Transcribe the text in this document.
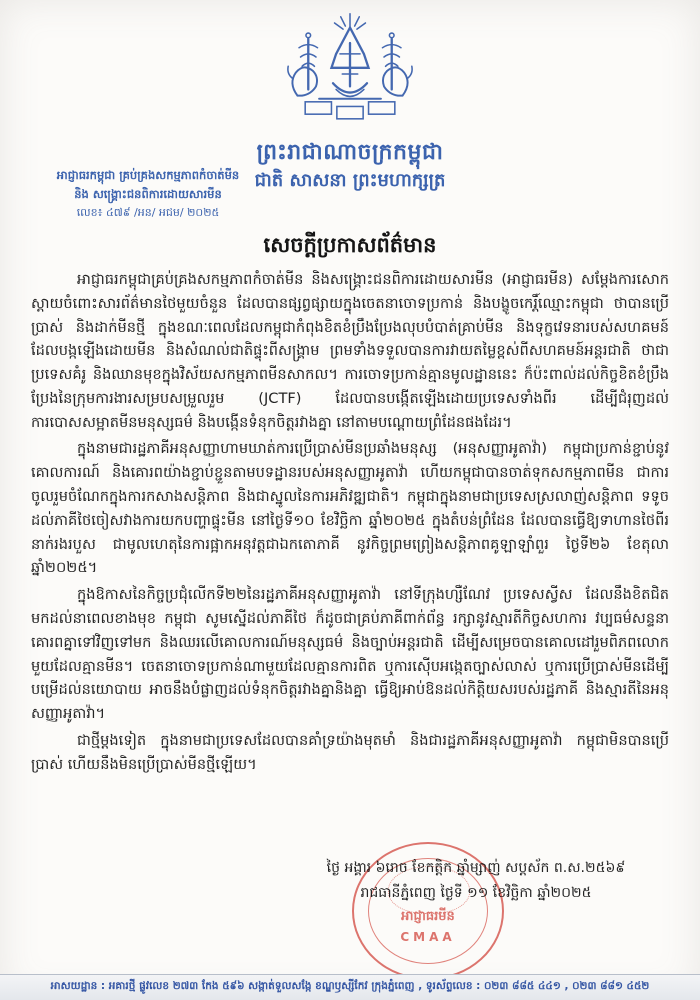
ព្រះរាជាណាចក្រកម្ពុជា
ជាតិ សាសនា ព្រះមហាក្សត្រ
អាជ្ញាធរកម្ពុជា គ្រប់គ្រងសកម្មភាពកំចាត់មីន
និង សង្គ្រោះជនពិការដោយសារមីន
លេខ៖ ៤៧៩ /អន/ អជម/ ២០២៥
សេចក្តីប្រកាសព័ត៌មាន

អាជ្ញាធរកម្ពុជាគ្រប់គ្រងសកម្មភាពកំចាត់មីន និងសង្គ្រោះជនពិការដោយសារមីន (អាជ្ញាធរមីន) សម្តែងការសោកស្តាយចំពោះសារព័ត៌មានថៃមួយចំនួន ដែលបានផ្សព្វផ្សាយក្នុងចេតនាចោទប្រកាន់ និងបង្ខូចកេរ្តិ៍ឈ្មោះកម្ពុជា ថាបានប្រើប្រាស់ និងដាក់មីនថ្មី ក្នុងខណៈពេលដែលកម្ពុជាកំពុងខិតខំប្រឹងប្រែងលុបបំបាត់គ្រាប់មីន និងទុក្ខវេទនារបស់សហគមន៍ ដែលបង្កឡើងដោយមីន និងសំណល់ជាតិផ្ទុះពីសង្គ្រាម ព្រមទាំងទទួលបានការវាយតម្លៃខ្ពស់ពីសហគមន៍អន្តរជាតិ ថាជាប្រទេសគំរូ និងឈានមុខក្នុងវិស័យសកម្មភាពមីនសាកល។ ការចោទប្រកាន់គ្មានមូលដ្ឋាននេះ ក៏ប៉ះពាល់ដល់កិច្ចខិតខំប្រឹងប្រែងនៃក្រុមការងារសម្របសម្រួលរួម (JCTF) ដែលបានបង្កើតឡើងដោយប្រទេសទាំងពីរ ដើម្បីជំរុញដល់ការបោសសម្អាតមីនមនុស្សធម៌ និងបង្កើនទំនុកចិត្តរវាងគ្នា នៅតាមបណ្តោយព្រំដែនផងដែរ។

ក្នុងនាមជារដ្ឋភាគីអនុសញ្ញាហាមឃាត់ការប្រើប្រាស់មីនប្រឆាំងមនុស្ស (អនុសញ្ញាអូតាវ៉ា) កម្ពុជាប្រកាន់ខ្ជាប់នូវគោលការណ៍ និងគោរពយ៉ាងខ្ជាប់ខ្ជួនតាមបទដ្ឋានរបស់អនុសញ្ញាអូតាវ៉ា ហើយកម្ពុជាបានចាត់ទុកសកម្មភាពមីន ជាការចូលរួមចំណែកក្នុងការកសាងសន្តិភាព និងជាស្នូលនៃការអភិវឌ្ឍជាតិ។ កម្ពុជាក្នុងនាមជាប្រទេសស្រលាញ់សន្តិភាព ទទូចដល់ភាគីថៃចៀសវាងការយកបញ្ហាផ្ទុះមីន នៅថ្ងៃទី១០ ខែវិច្ឆិកា ឆ្នាំ២០២៥ ក្នុងតំបន់ព្រំដែន ដែលបានធ្វើឱ្យទាហានថៃពីរនាក់រងរបួស ជាមូលហេតុនៃការផ្អាកអនុវត្តជាឯកតោភាគី នូវកិច្ចព្រមព្រៀងសន្តិភាពគូឡាឡាំពួរ ថ្ងៃទី២៦ ខែតុលា ឆ្នាំ២០២៥។

ក្នុងឱកាសនៃកិច្ចប្រជុំលើកទី២២នៃរដ្ឋភាគីអនុសញ្ញាអូតាវ៉ា នៅទីក្រុងហ្សឺណែវ ប្រទេសស្វីស ដែលនឹងខិតជិតមកដល់នាពេលខាងមុខ កម្ពុជា សូមស្នើដល់ភាគីថៃ ក៏ដូចជាគ្រប់ភាគីពាក់ព័ន្ធ រក្សានូវស្មារតីកិច្ចសហការ វប្បធម៌សន្ទនា គោរពគ្នាទៅវិញទៅមក និងឈរលើគោលការណ៍មនុស្សធម៌ និងច្បាប់អន្តរជាតិ ដើម្បីសម្រេចបានគោលដៅរួមពិភពលោកមួយដែលគ្មានមីន។ ចេតនាចោទប្រកាន់ណាមួយដែលគ្មានការពិត ឬការស៊ើបអង្កេតច្បាស់លាស់ ឬការប្រើប្រាស់មីនដើម្បីបម្រើដល់នយោបាយ អាចនឹងបំផ្លាញដល់ទំនុកចិត្តរវាងគ្នានិងគ្នា ធ្វើឱ្យអាប់ឱនដល់កិត្តិយសរបស់រដ្ឋភាគី និងស្មារតីនៃអនុសញ្ញាអូតាវ៉ា។

ជាថ្មីម្តងទៀត ក្នុងនាមជាប្រទេសដែលបានគាំទ្រយ៉ាងមុតមាំ និងជារដ្ឋភាគីអនុសញ្ញាអូតាវ៉ា កម្ពុជាមិនបានប្រើប្រាស់ ហើយនឹងមិនប្រើប្រាស់មីនថ្មីឡើយ។

ថ្ងៃ អង្គារ ៦រោច ខែកត្តិក ឆ្នាំម្សាញ់ សប្តស័ក ព.ស.២៥៦៩
រាជធានីភ្នំពេញ ថ្ងៃទី ១១ ខែវិច្ឆិកា ឆ្នាំ២០២៥
អាជ្ញាធរមីន
CMAA
អាសយដ្ឋាន : អគារថ្មី ផ្លូវលេខ ២៧៣ កែង ៥៩៦ សង្កាត់ទួលសង្កែ ខណ្ឌឫស្សីកែវ ក្រុងភ្នំពេញ , ទូរស័ព្ទលេខ : ០២៣ ៨៨៥ ៤៤១ , ០២៣ ៨៨១ ៤៥២
